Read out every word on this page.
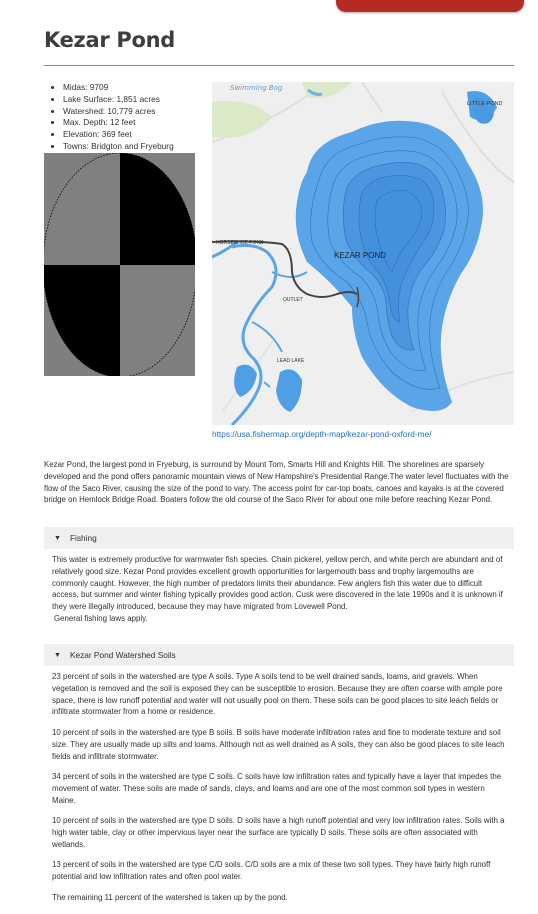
Kezar Pond
• Midas: 9709
• Lake Surface: 1,851 acres
• Watershed: 10,779 acres
• Max. Depth: 12 feet
• Elevation: 369 feet
• Towns: Bridgton and Fryeburg
Swimming Bog
LITTLE POND
KEZAR POND
HORSESHOE POND
OUTLET
LEAD LAKE
https://usa.fishermap.org/depth-map/kezar-pond-oxford-me/

Kezar Pond, the largest pond in Fryeburg, is surround by Mount Tom, Smarts Hill and Knights Hill. The shorelines are sparsely developed and the pond offers panoramic mountain views of New Hampshire's Presidential Range.The water level fluctuates with the flow of the Saco River, causing the size of the pond to vary. The access point for car-top boats, canoes and kayaks is at the covered bridge on Hemlock Bridge Road. Boaters follow the old course of the Saco River for about one mile before reaching Kezar Pond.

▼ Fishing

This water is extremely productive for warmwater fish species. Chain pickerel, yellow perch, and white perch are abundant and of relatively good size. Kezar Pond provides excellent growth opportunities for largemouth bass and trophy largemouths are commonly caught. However, the high number of predators limits their abundance. Few anglers fish this water due to difficult access, but summer and winter fishing typically provides good action. Cusk were discovered in the late 1990s and it is unknown if they were illegally introduced, because they may have migrated from Lovewell Pond.

General fishing laws apply.

▼ Kezar Pond Watershed Soils

23 percent of soils in the watershed are type A soils. Type A soils tend to be well drained sands, loams, and gravels. When vegetation is removed and the soil is exposed they can be susceptible to erosion. Because they are often coarse with ample pore space, there is low runoff potential and water will not usually pool on them. These soils can be good places to site leach fields or infiltrate stormwater from a home or residence.

10 percent of soils in the watershed are type B soils. B soils have moderate infiltration rates and fine to moderate texture and soil size. They are usually made up silts and loams. Although not as well drained as A soils, they can also be good places to site leach fields and infiltrate stormwater.

34 percent of soils in the watershed are type C soils. C soils have low infiltration rates and typically have a layer that impedes the movement of water. These soils are made of sands, clays, and loams and are one of the most common soil types in western Maine.

10 percent of soils in the watershed are type D soils. D soils have a high runoff potential and very low infiltration rates. Soils with a high water table, clay or other impervious layer near the surface are typically D soils. These soils are often associated with wetlands.

13 percent of soils in the watershed are type C/D soils. C/D soils are a mix of these two soil types. They have fairly high runoff potential and low infiltration rates and often pool water.

The remaining 11 percent of the watershed is taken up by the pond.
